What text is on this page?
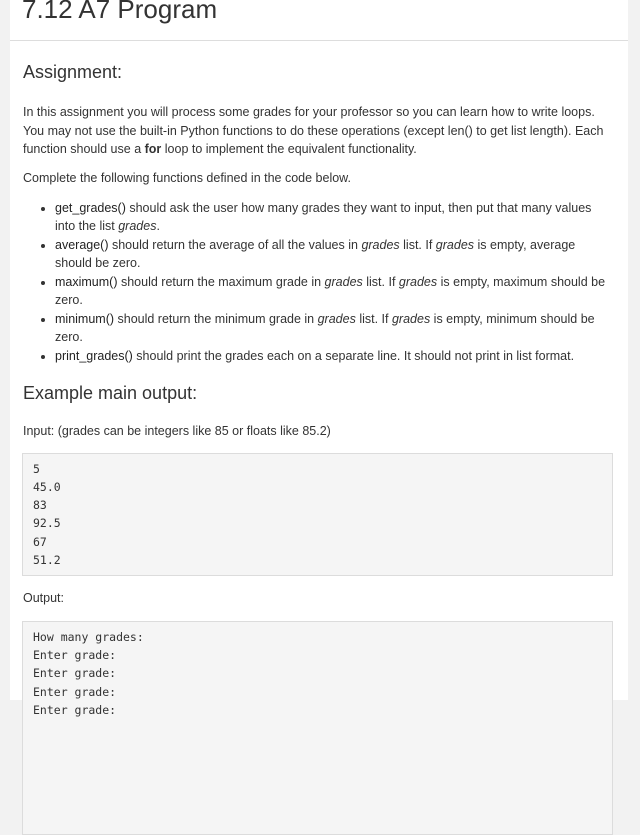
7.12 A7 Program
Assignment:

In this assignment you will process some grades for your professor so you can learn how to write loops. You may not use the built-in Python functions to do these operations (except len() to get list length). Each function should use a for loop to implement the equivalent functionality.

Complete the following functions defined in the code below.

• get_grades() should ask the user how many grades they want to input, then put that many values into the list grades.
• average() should return the average of all the values in grades list. If grades is empty, average should be zero.
• maximum() should return the maximum grade in grades list. If grades is empty, maximum should be zero.
• minimum() should return the minimum grade in grades list. If grades is empty, minimum should be zero.
• print_grades() should print the grades each on a separate line. It should not print in list format.
Example main output:

Input: (grades can be integers like 85 or floats like 85.2)

5
45.0
83
92.5
67
51.2

Output:

How many grades:
Enter grade:
Enter grade:
Enter grade:
Enter grade:
